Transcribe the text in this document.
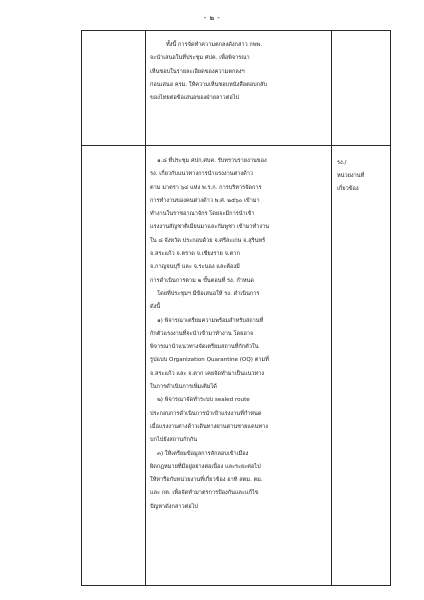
- ๒ -
ทั้งนี้ การจัดทำความตกลงดังกล่าว กพพ.
จะนำเสนอในที่ประชุม ศปค. เพื่อพิจารณา
เห็นชอบในรายละเอียดของความตกลงฯ
ก่อนเสนอ ครม. ให้ความเห็นชอบหนังสือตอบกลับ
ของไทยต่อข้อเสนอของฝ่ายลาวต่อไป
๑.๘ ที่ประชุม ศปก.ศบค. รับทราบรายงานของ
รง. เกี่ยวกับแนวทางการนำแรงงานต่างด้าว
ตาม มาตรา ๖๔ แห่ง พ.ร.ก. การบริหารจัดการ
การทำงานของคนต่างด้าว พ.ศ. ๒๕๖๐ เข้ามา
ทำงานในราชอาณาจักร โดยจะมีการนำเข้า
แรงงานสัญชาติเมียนมาและกัมพูชา เข้ามาทำงาน
ใน ๘ จังหวัด ประกอบด้วย จ.ศรีสะเกษ จ.สุรินทร์
จ.สระแก้ว จ.ตราด จ.เชียงราย จ.ตาก
จ.กาญจนบุรี และ จ.ระนอง และต้องมี
การดำเนินการตาม ๒ ขั้นตอนที่ รง. กำหนด
โดยที่ประชุมฯ มีข้อเสนอให้ รง. ดำเนินการ
ดังนี้
๑) พิจารณาเตรียมความพร้อมสำหรับสถานที่
กักตัวแรงงานที่จะนำเข้ามาทำงาน โดยอาจ
พิจารณานำแนวทางจัดเตรียมสถานที่กักตัวใน
รูปแบบ Organization Quarantine (OQ) ตามที่
จ.สระแก้ว และ จ.ตาก เคยจัดทำมาเป็นแนวทาง
ในการดำเนินการเพิ่มเติมได้
๒) พิจารณาจัดทำระบบ sealed route
ประกอบการดำเนินการนำเข้าแรงงานที่กำหนด
เมื่อแรงงานต่างด้าวเดินทางผ่านด่านชายแดนทาง
บกไปยังสถานกักกัน
๓) ให้เตรียมข้อมูลการลักลอบเข้าเมือง
ผิดกฎหมายที่มีอยู่อย่างต่อเนื่อง และระยะต่อไป
ให้หารือกับหน่วยงานที่เกี่ยวข้อง อาทิ สตม. ตม.
และ กต. เพื่อจัดทำมาตรการป้องกันและแก้ไข
ปัญหาดังกล่าวต่อไป
รง./
หน่วยงานที่
เกี่ยวข้อง
